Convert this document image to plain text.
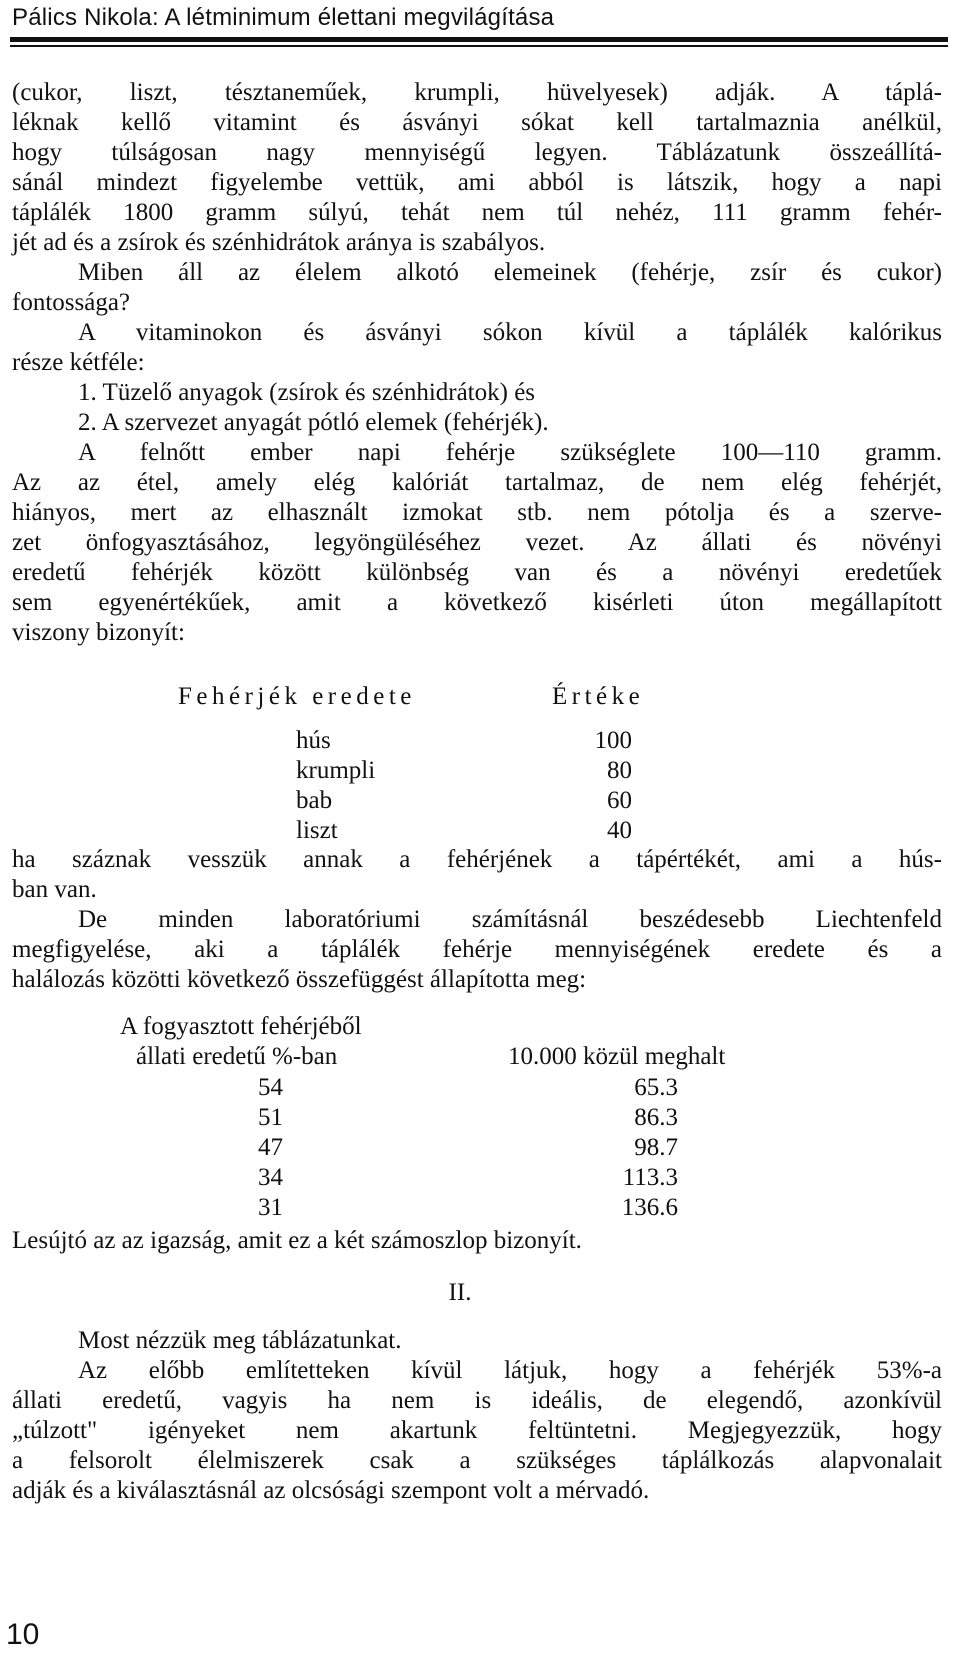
Pálics Nikola: A létminimum élettani megvilágítása
(cukor, liszt, tésztaneműek, krumpli, hüvelyesek) adják. A táplá-
léknak kellő vitamint és ásványi sókat kell tartalmaznia anélkül,
hogy túlságosan nagy mennyiségű legyen. Táblázatunk összeállítá-
sánál mindezt figyelembe vettük, ami abból is látszik, hogy a napi
táplálék 1800 gramm súlyú, tehát nem túl nehéz, 111 gramm fehér-
jét ad és a zsírok és szénhidrátok aránya is szabályos.
Miben áll az élelem alkotó elemeinek (fehérje, zsír és cukor)
fontossága?
A vitaminokon és ásványi sókon kívül a táplálék kalórikus
része kétféle:
1. Tüzelő anyagok (zsírok és szénhidrátok) és
2. A szervezet anyagát pótló elemek (fehérjék).
A felnőtt ember napi fehérje szükséglete 100—110 gramm.
Az az étel, amely elég kalóriát tartalmaz, de nem elég fehérjét,
hiányos, mert az elhasznált izmokat stb. nem pótolja és a szerve-
zet önfogyasztásához, legyöngüléséhez vezet. Az állati és növényi
eredetű fehérjék között különbség van és a növényi eredetűek
sem egyenértékűek, amit a következő kisérleti úton megállapított
viszony bizonyít:
Fehérjék eredete	Értéke
hús	100
krumpli	80
bab	60
liszt	40
ha száznak vesszük annak a fehérjének a tápértékét, ami a hús-
ban van.
De minden laboratóriumi számításnál beszédesebb Liechtenfeld
megfigyelése, aki a táplálék fehérje mennyiségének eredete és a
halálozás közötti következő összefüggést állapította meg:
A fogyasztott fehérjéből
állati eredetű %-ban	10.000 közül meghalt
54	65.3
51	86.3
47	98.7
34	113.3
31	136.6
Lesújtó az az igazság, amit ez a két számoszlop bizonyít.
II.
Most nézzük meg táblázatunkat.
Az előbb említetteken kívül látjuk, hogy a fehérjék 53%-a
állati eredetű, vagyis ha nem is ideális, de elegendő, azonkívül
„túlzott" igényeket nem akartunk feltüntetni. Megjegyezzük, hogy
a felsorolt élelmiszerek csak a szükséges táplálkozás alapvonalait
adják és a kiválasztásnál az olcsósági szempont volt a mérvadó.
10
